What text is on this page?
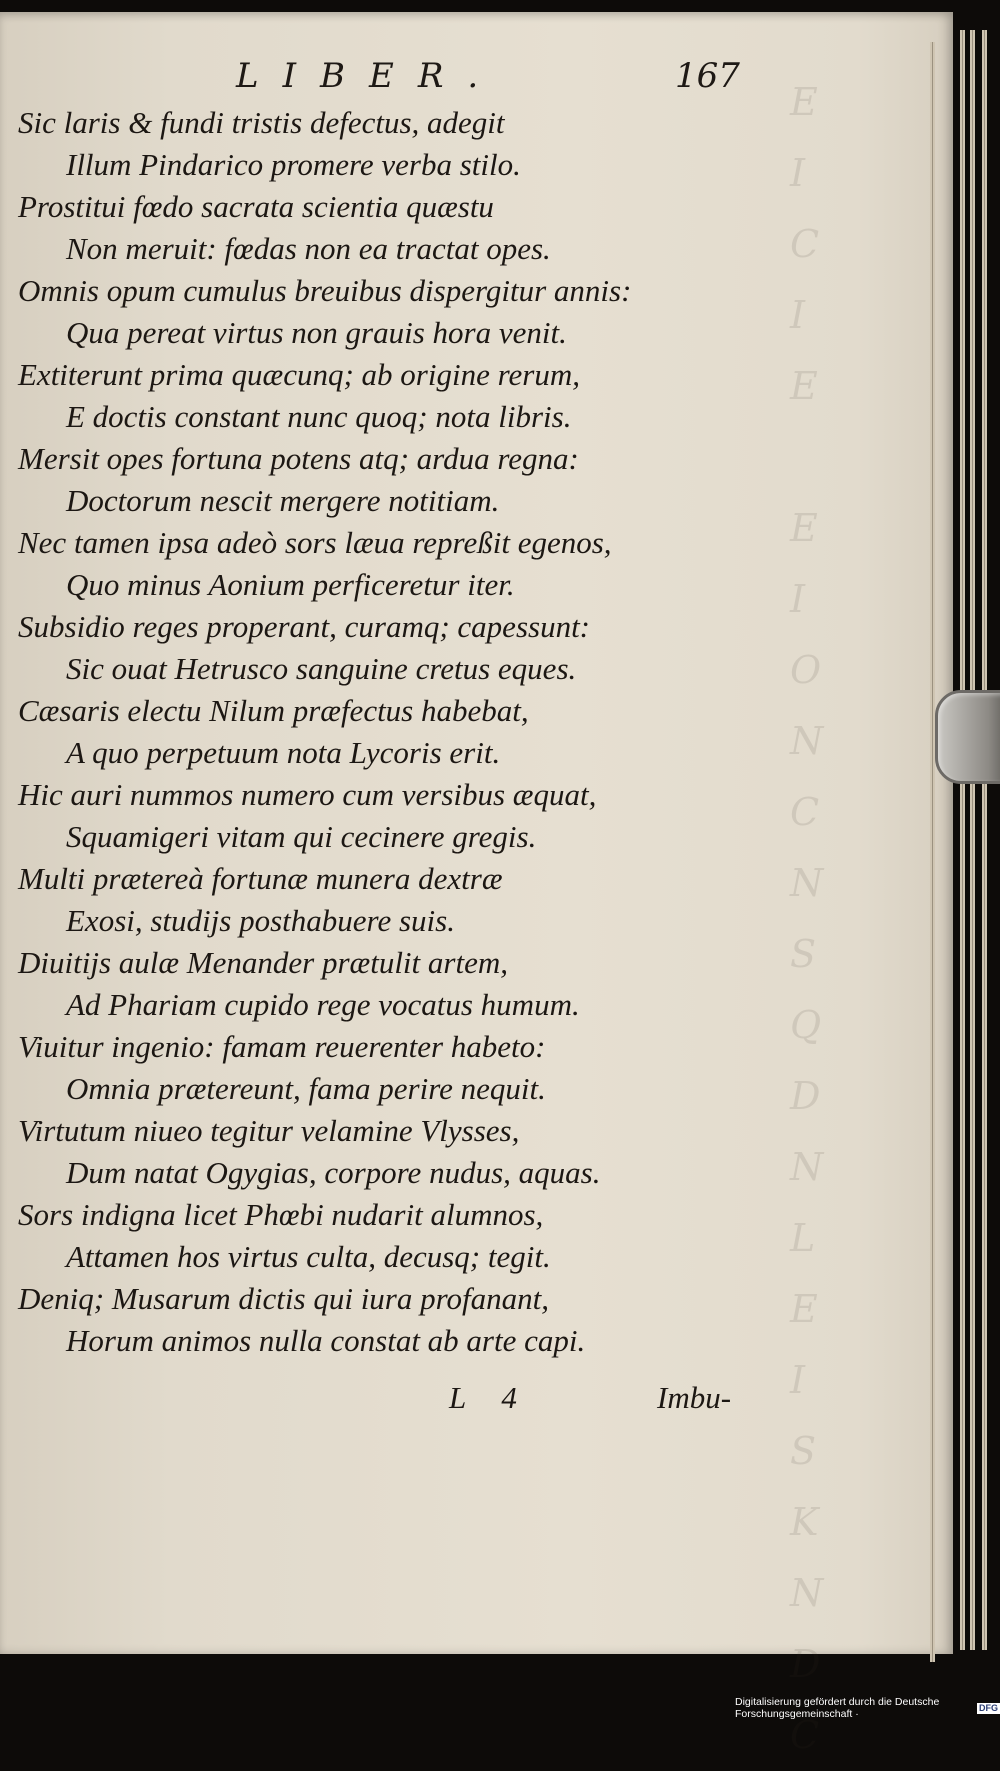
E
I
C
I
E

E
I
O
N
C
N
S
Q
D
N
L
E
I
S
K
N
D
C
LIBER.	167
Sic laris & fundi tristis defectus, adegit
Illum Pindarico promere verba stilo.
Prostitui fœdo sacrata scientia quæstu
Non meruit: fœdas non ea tractat opes.
Omnis opum cumulus breuibus dispergitur annis:
Qua pereat virtus non grauis hora venit.
Extiterunt prima quæcunq; ab origine rerum,
E doctis constant nunc quoq; nota libris.
Mersit opes fortuna potens atq; ardua regna:
Doctorum nescit mergere notitiam.
Nec tamen ipsa adeò sors læua repreßit egenos,
Quo minus Aonium perficeretur iter.
Subsidio reges properant, curamq; capessunt:
Sic ouat Hetrusco sanguine cretus eques.
Cæsaris electu Nilum præfectus habebat,
A quo perpetuum nota Lycoris erit.
Hic auri nummos numero cum versibus æquat,
Squamigeri vitam qui cecinere gregis.
Multi prætereà fortunæ munera dextræ
Exosi, studijs posthabuere suis.
Diuitijs aulæ Menander prætulit artem,
Ad Phariam cupido rege vocatus humum.
Viuitur ingenio: famam reuerenter habeto:
Omnia prætereunt, fama perire nequit.
Virtutum niueo tegitur velamine Vlysses,
Dum natat Ogygias, corpore nudus, aquas.
Sors indigna licet Phœbi nudarit alumnos,
Attamen hos virtus culta, decusq; tegit.
Deniq; Musarum dictis qui iura profanant,
Horum animos nulla constat ab arte capi.
L 4	Imbu-
Digitalisierung gefördert durch die Deutsche Forschungsgemeinschaft ·
DFG
